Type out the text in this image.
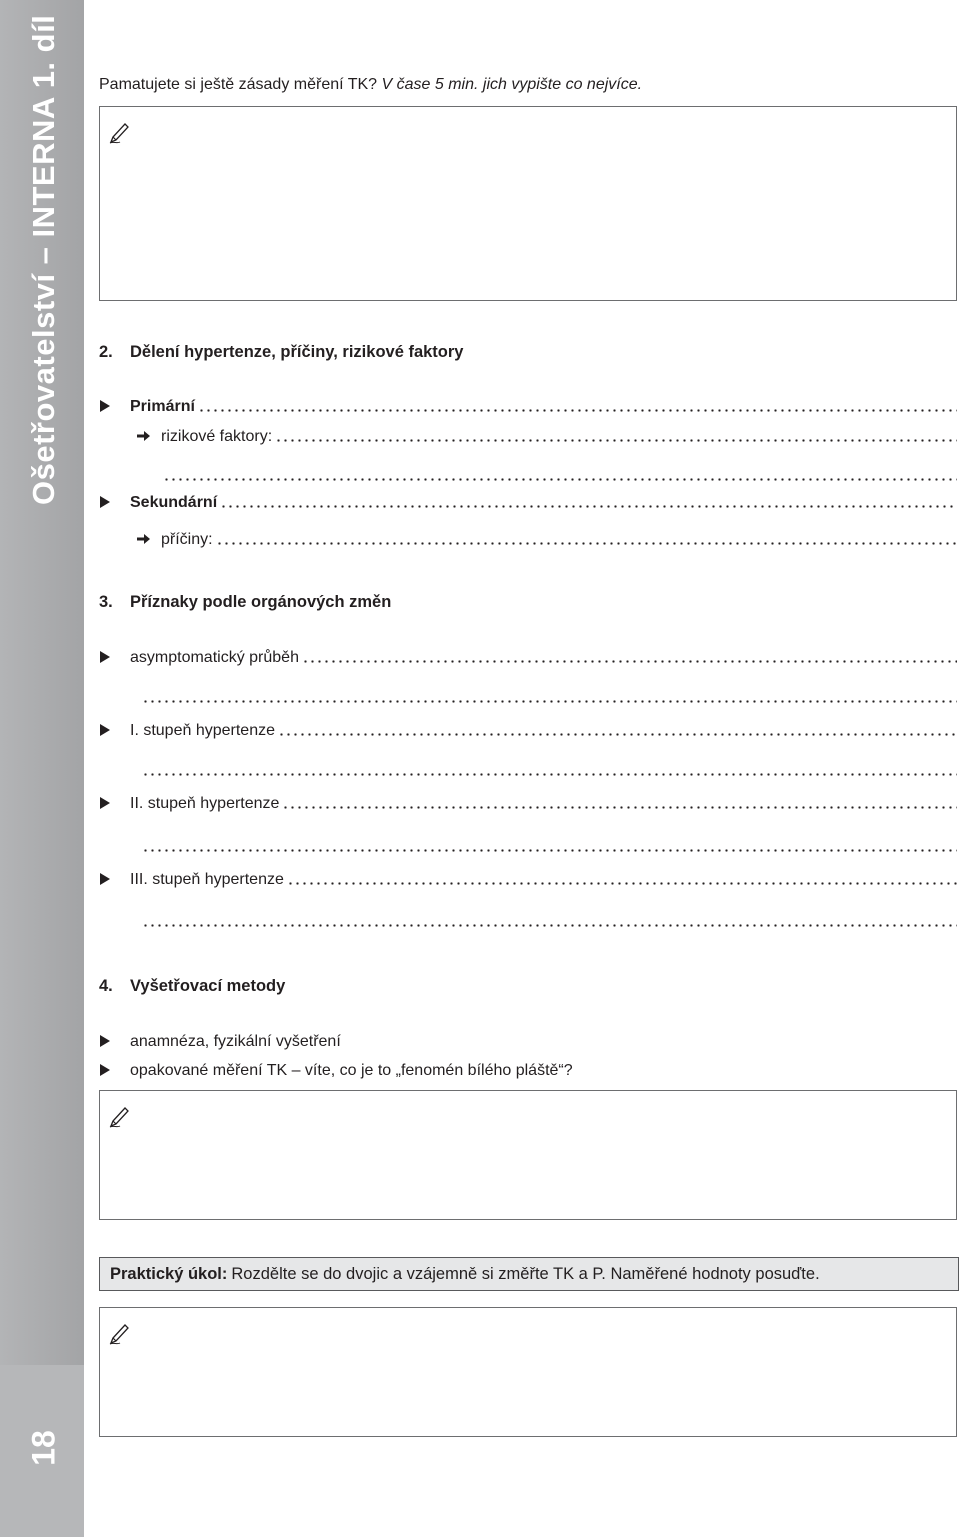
Ošetřovatelství – INTERNA 1. díl
18
Pamatujete si ještě zásady měření TK? V čase 5 min. jich vypište co nejvíce.
2. Dělení hypertenze, příčiny, rizikové faktory
Primární
rizikové faktory:
Sekundární
příčiny:
3. Příznaky podle orgánových změn
asymptomatický průběh
I. stupeň hypertenze
II. stupeň hypertenze
III. stupeň hypertenze
4. Vyšetřovací metody
anamnéza, fyzikální vyšetření
opakované měření TK – víte, co je to „fenomén bílého pláště“?
Praktický úkol: Rozdělte se do dvojic a vzájemně si změřte TK a P. Naměřené hodnoty posuďte.
